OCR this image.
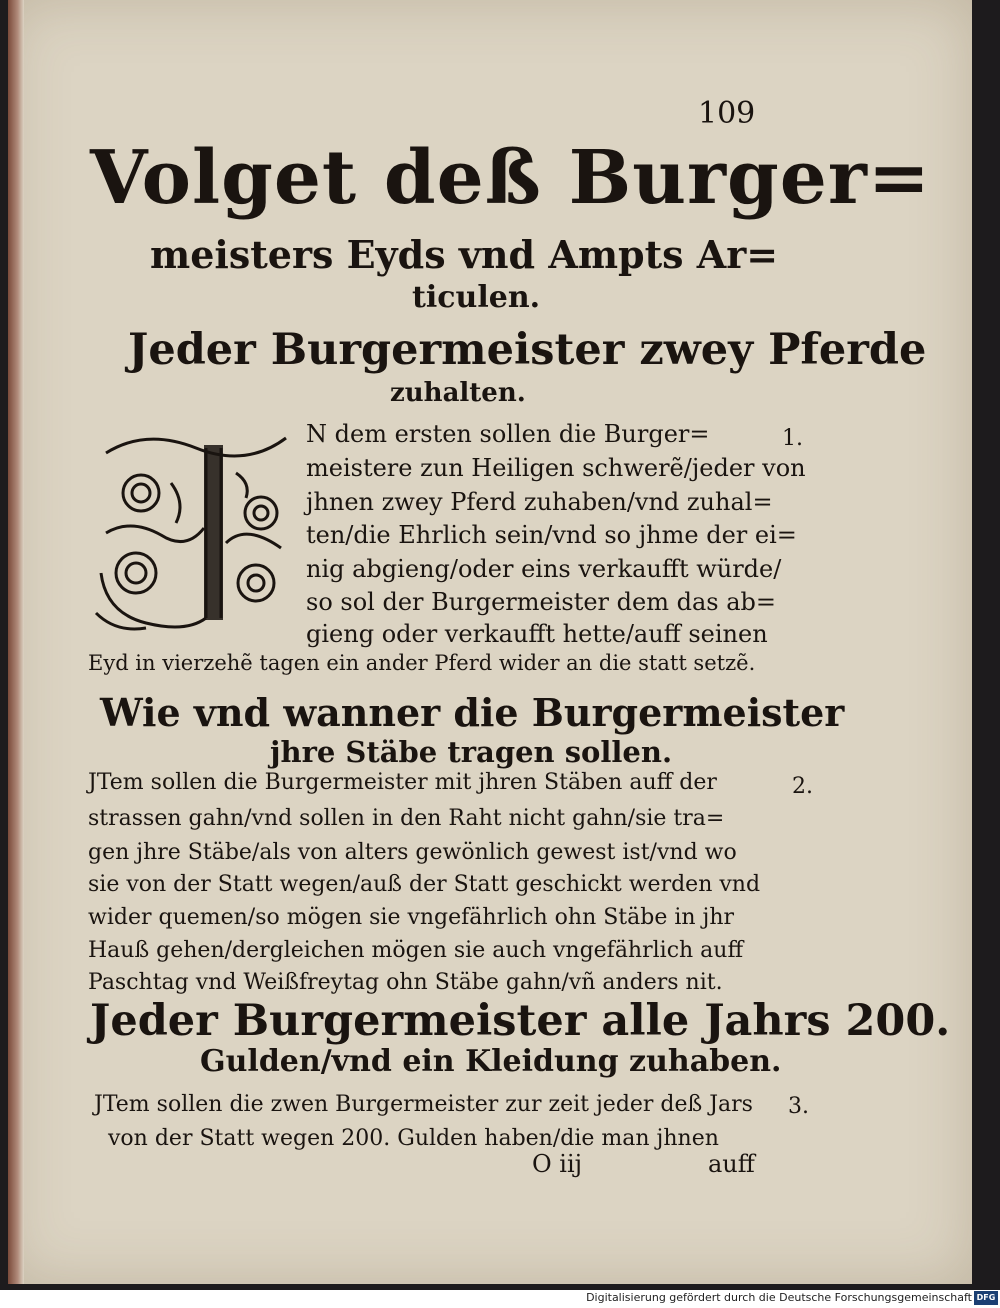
109
Volget deß Burger=
meisters Eyds vnd Ampts Ar=
ticulen.
Jeder Burgermeister zwey Pferde
zuhalten.
N dem ersten sollen die Burger=
meistere zun Heiligen schwerẽ/jeder von
jhnen zwey Pferd zuhaben/vnd zuhal=
ten/die Ehrlich sein/vnd so jhme der ei=
nig abgieng/oder eins verkaufft würde/
so sol der Burgermeister dem das ab=
gieng oder verkaufft hette/auff seinen
Eyd in vierzehẽ tagen ein ander Pferd wider an die statt setzẽ.
1.
Wie vnd wanner die Burgermeister
jhre Stäbe tragen sollen.
JTem sollen die Burgermeister mit jhren Stäben auff der
strassen gahn/vnd sollen in den Raht nicht gahn/sie tra=
gen jhre Stäbe/als von alters gewönlich gewest ist/vnd wo
sie von der Statt wegen/auß der Statt geschickt werden vnd
wider quemen/so mögen sie vngefährlich ohn Stäbe in jhr
Hauß gehen/dergleichen mögen sie auch vngefährlich auff
Paschtag vnd Weißfreytag ohn Stäbe gahn/vñ anders nit.
2.
Jeder Burgermeister alle Jahrs 200.
Gulden/vnd ein Kleidung zuhaben.
JTem sollen die zwen Burgermeister zur zeit jeder deß Jars
von der Statt wegen 200. Gulden haben/die man jhnen
3.
O iij	auff
Digitalisierung gefördert durch die Deutsche Forschungsgemeinschaft DFG
